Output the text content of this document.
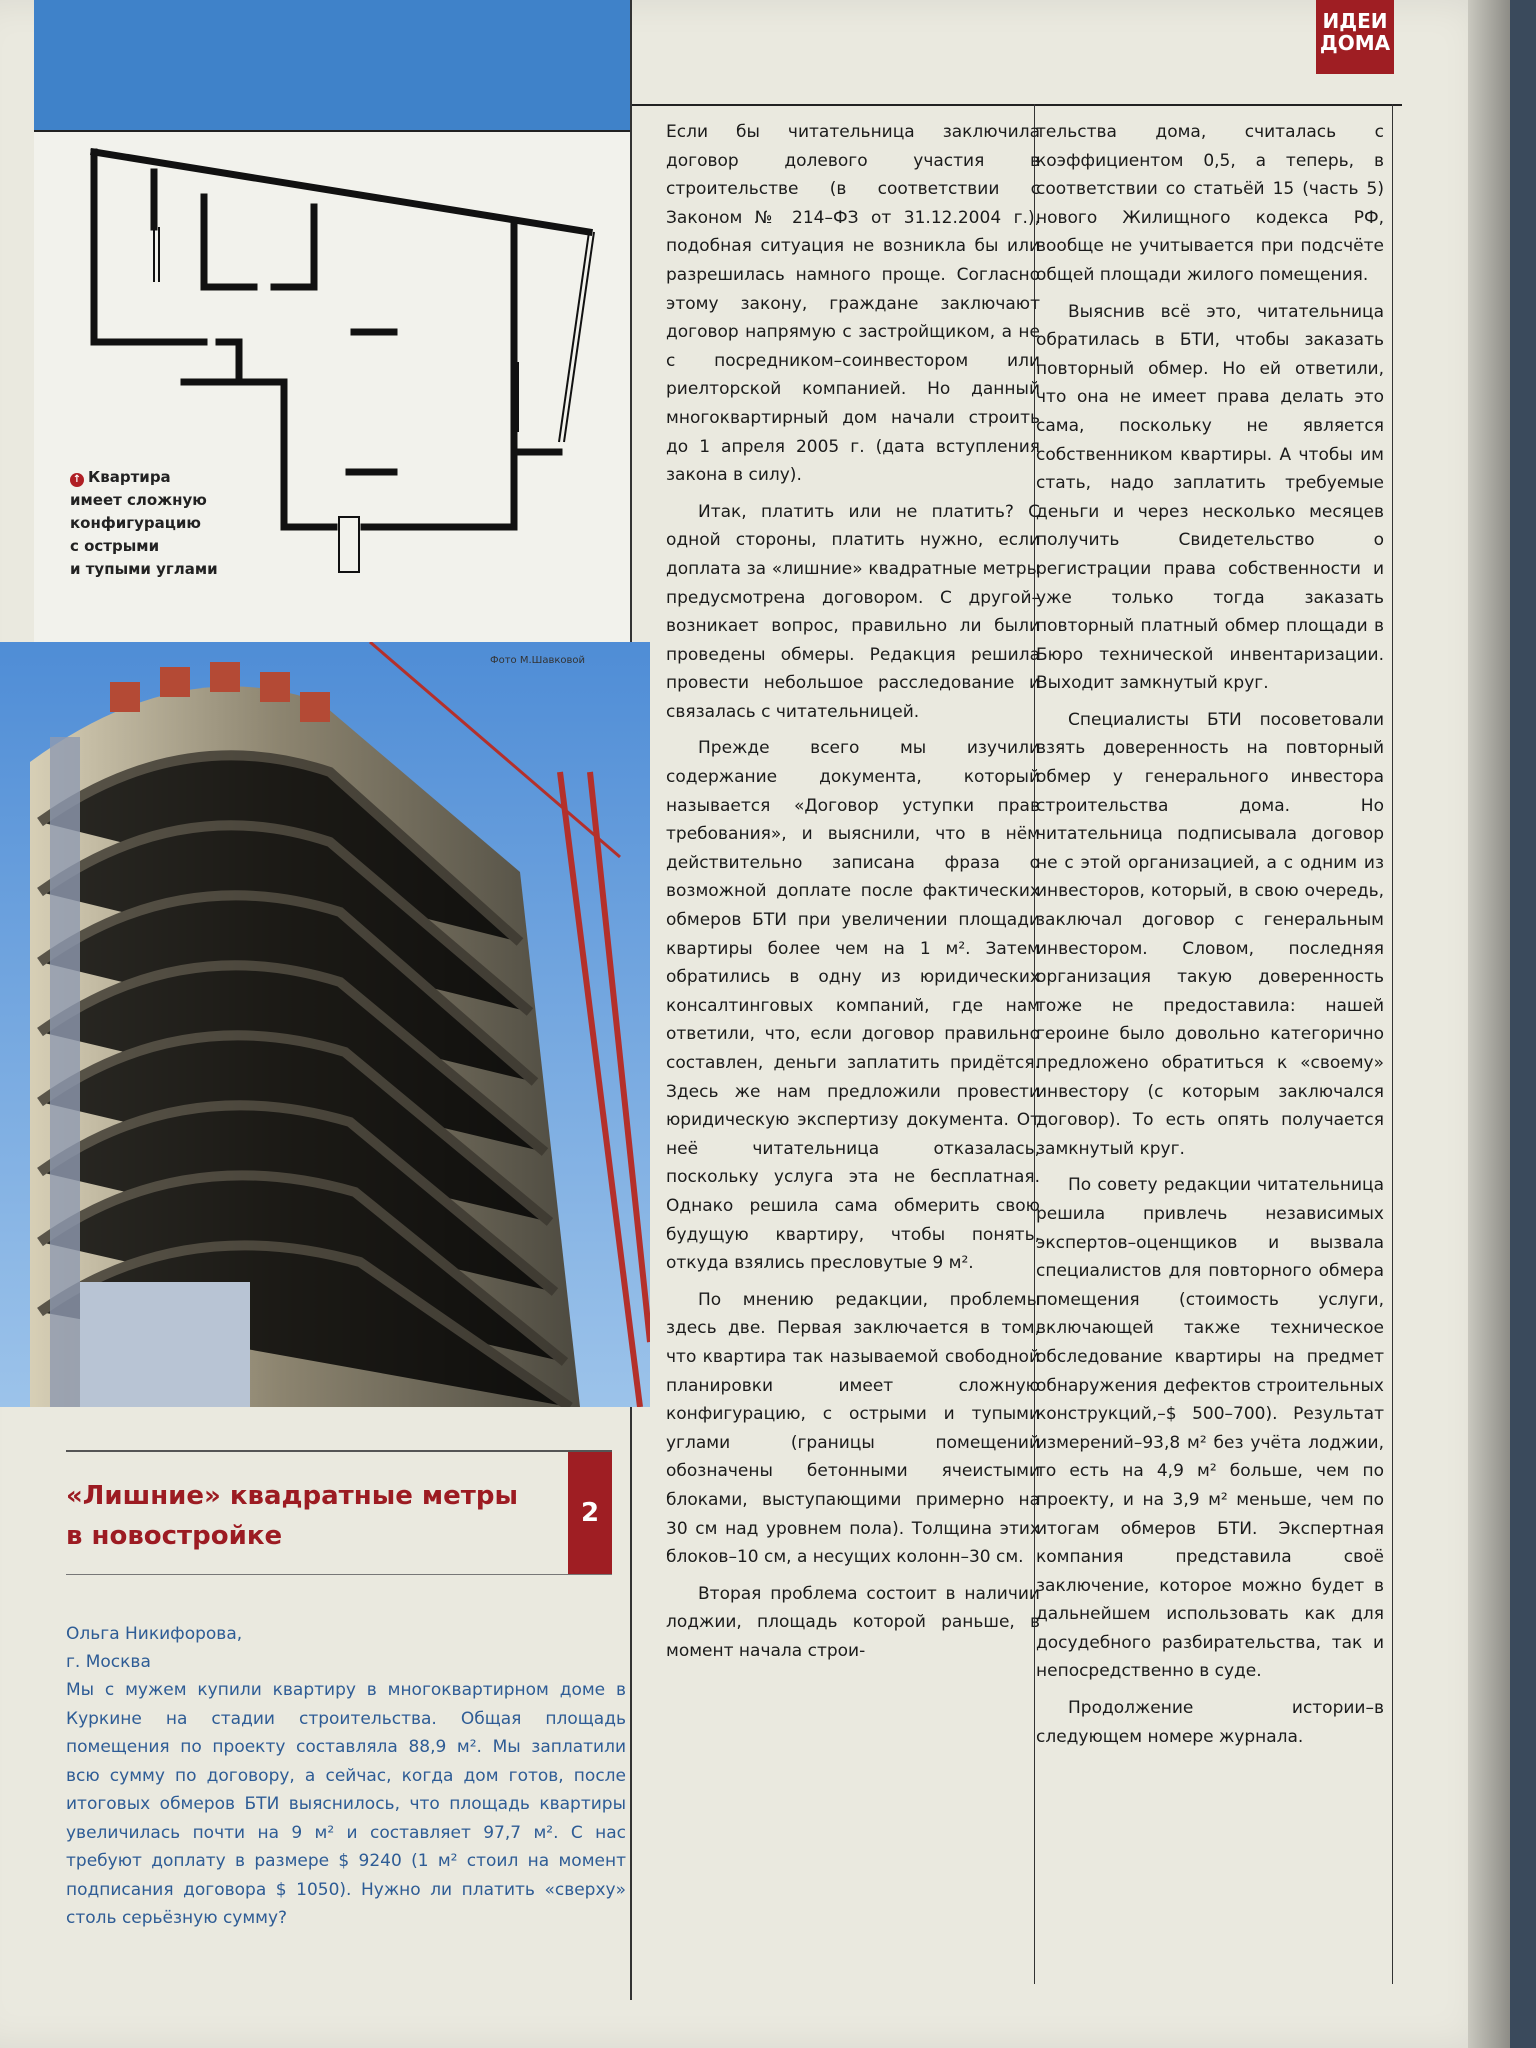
ИДЕИ
ДОМА
↑ Квартира
имеет сложную
конфигурацию
с острыми
и тупыми углами
Фото М.Шавковой
«Лишние» квадратные метры
в новостройке
2
Ольга Никифорова,
г. Москва
Мы с мужем купили квартиру в многоквартирном доме в Куркине на стадии строительства. Общая площадь помещения по проекту составляла 88,9 м². Мы заплатили всю сумму по договору, а сейчас, когда дом готов, после итоговых обмеров БТИ выяснилось, что площадь квартиры увеличилась почти на 9 м² и составляет 97,7 м². С нас требуют доплату в размере $ 9240 (1 м² стоил на момент подписания договора $ 1050). Нужно ли платить «сверху» столь серьёзную сумму?

Если бы читательница заключила договор долевого участия в строительстве (в соответствии с Законом № 214–ФЗ от 31.12.2004 г.), подобная ситуация не возникла бы или разрешилась намного проще. Согласно этому закону, граждане заключают договор напрямую с застройщиком, а не с посредником–соинвестором или риелторской компанией. Но данный многоквартирный дом начали строить до 1 апреля 2005 г. (дата вступления закона в силу).

Итак, платить или не платить? С одной стороны, платить нужно, если доплата за «лишние» квадратные метры предусмотрена договором. С другой–возникает вопрос, правильно ли были проведены обмеры. Редакция решила провести небольшое расследование и связалась с читательницей.

Прежде всего мы изучили содержание документа, который называется «Договор уступки прав требования», и выяснили, что в нём действительно записана фраза о возможной доплате после фактических обмеров БТИ при увеличении площади квартиры более чем на 1 м². Затем обратились в одну из юридических консалтинговых компаний, где нам ответили, что, если договор правильно составлен, деньги заплатить придётся. Здесь же нам предложили провести юридическую экспертизу документа. От неё читательница отказалась, поскольку услуга эта не бесплатная. Однако решила сама обмерить свою будущую квартиру, чтобы понять, откуда взялись пресловутые 9 м².

По мнению редакции, проблемы здесь две. Первая заключается в том, что квартира так называемой свободной планировки имеет сложную конфигурацию, с острыми и тупыми углами (границы помещений обозначены бетонными ячеистыми блоками, выступающими примерно на 30 см над уровнем пола). Толщина этих блоков–10 см, а несущих колонн–30 см.

Вторая проблема состоит в наличии лоджии, площадь которой раньше, в момент начала строи-

тельства дома, считалась с коэффициентом 0,5, а теперь, в соответствии со статьёй 15 (часть 5) нового Жилищного кодекса РФ, вообще не учитывается при подсчёте общей площади жилого помещения.

Выяснив всё это, читательница обратилась в БТИ, чтобы заказать повторный обмер. Но ей ответили, что она не имеет права делать это сама, поскольку не является собственником квартиры. А чтобы им стать, надо заплатить требуемые деньги и через несколько месяцев получить Свидетельство о регистрации права собственности и уже только тогда заказать повторный платный обмер площади в Бюро технической инвентаризации. Выходит замкнутый круг.

Специалисты БТИ посоветовали взять доверенность на повторный обмер у генерального инвестора строительства дома. Но читательница подписывала договор не с этой организацией, а с одним из инвесторов, который, в свою очередь, заключал договор с генеральным инвестором. Словом, последняя организация такую доверенность тоже не предоставила: нашей героине было довольно категорично предложено обратиться к «своему» инвестору (с которым заключался договор). То есть опять получается замкнутый круг.

По совету редакции читательница решила привлечь независимых экспертов–оценщиков и вызвала специалистов для повторного обмера помещения (стоимость услуги, включающей также техническое обследование квартиры на предмет обнаружения дефектов строительных конструкций,–$ 500–700). Результат измерений–93,8 м² без учёта лоджии, то есть на 4,9 м² больше, чем по проекту, и на 3,9 м² меньше, чем по итогам обмеров БТИ. Экспертная компания представила своё заключение, которое можно будет в дальнейшем использовать как для досудебного разбирательства, так и непосредственно в суде.

Продолжение истории–в следующем номере журнала.
